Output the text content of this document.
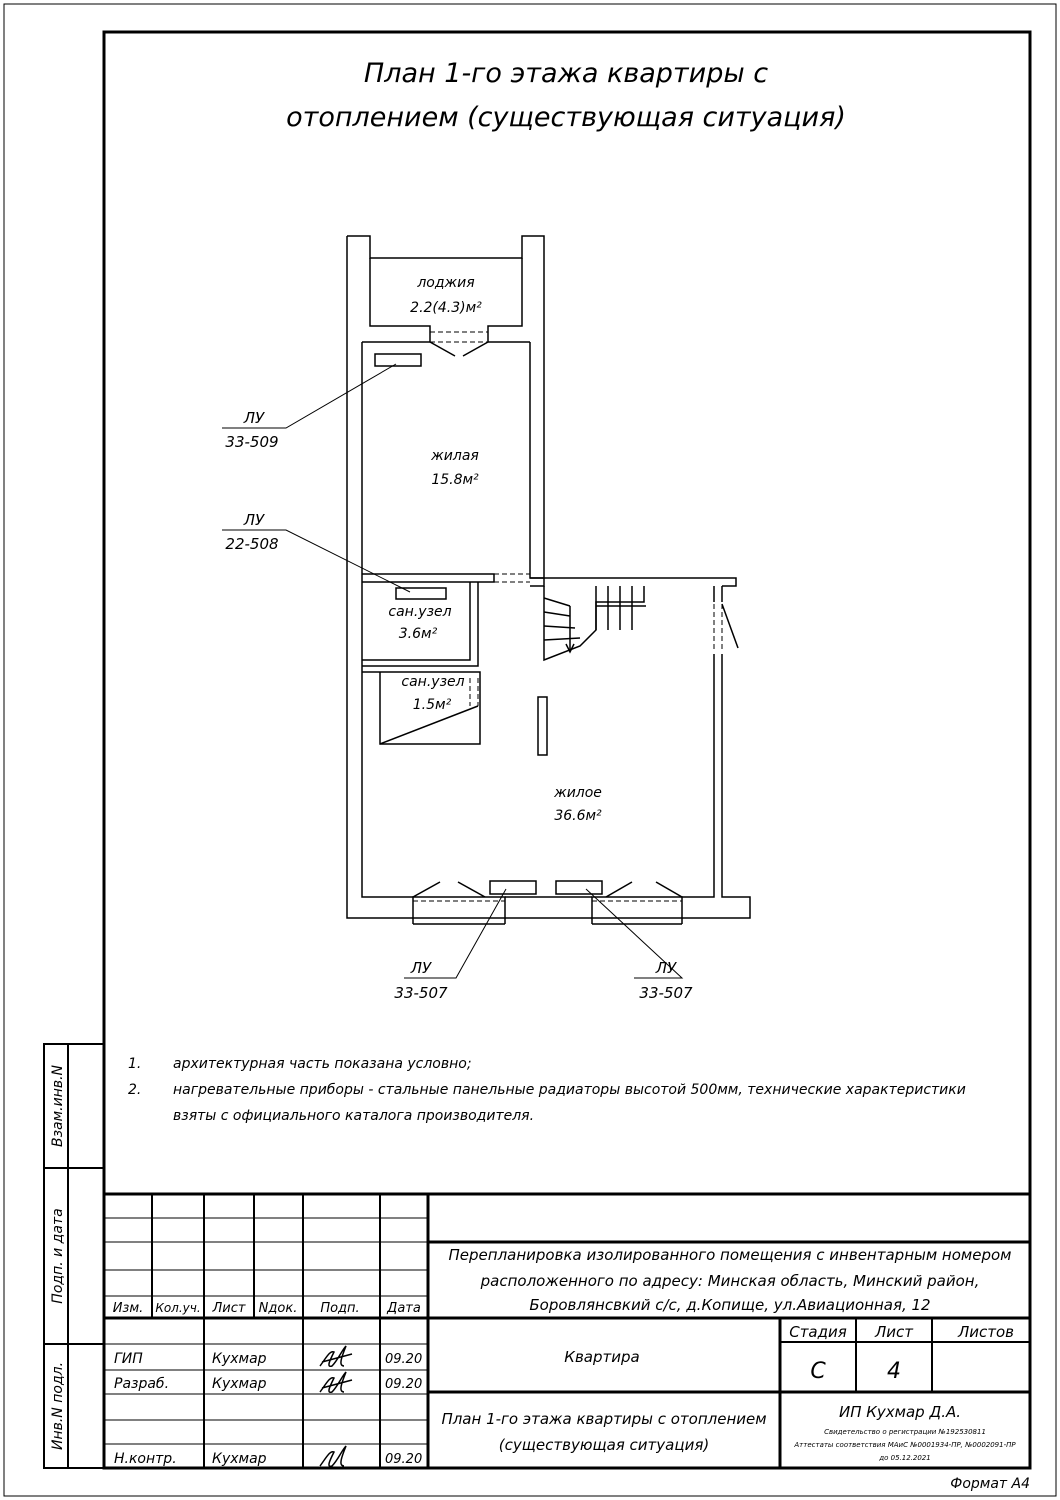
План 1-го этажа квартиры с
отоплением (существующая ситуация)
лоджия
2.2(4.3)м²
жилая
15.8м²
сан.узел
3.6м²
сан.узел
1.5м²
жилое
36.6м²
ЛУ
33-509
ЛУ
22-508
ЛУ
33-507
ЛУ
33-507
1. архитектурная часть показана условно;
2. нагревательные приборы - стальные панельные радиаторы высотой 500мм, технические характеристики
взяты с официального каталога производителя.
Взам.инв.N
Подп. и дата
Инв.N подл.
Изм. Кол.уч. Лист Nдок. Подп. Дата
Перепланировка изолированного помещения с инвентарным номером
расположенного по адресу: Минская область, Минский район,
Боровлянсвкий с/с, д.Копище, ул.Авиационная, 12
Квартира
Стадия Лист	Листов
С	4
План 1-го этажа квартиры с отоплением
(существующая ситуация)
ИП Кухмар Д.А.
Свидетельство о регистрации №192530811
Аттестаты соответствия МАиС №0001934-ПР, №0002091-ПР
до 05.12.2021
ГИП	Кухмар	09.20
Разраб.	Кухмар	09.20
Н.контр.	Кухмар	09.20
Формат А4
